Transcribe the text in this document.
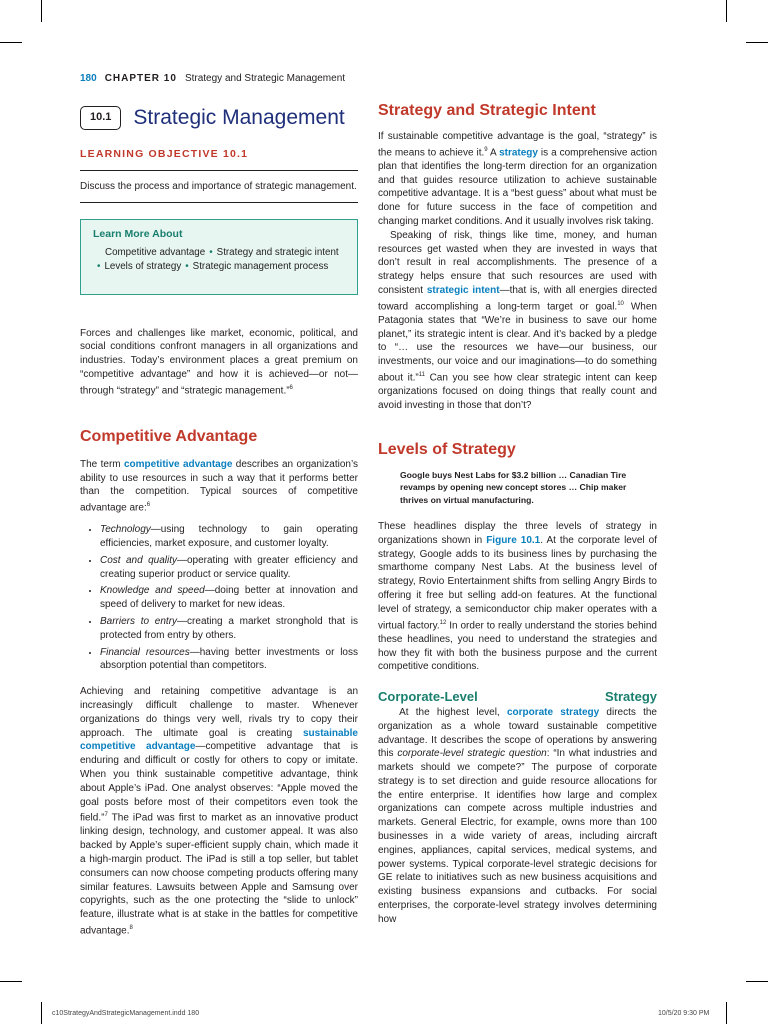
180 CHAPTER 10 Strategy and Strategic Management
10.1	Strategic Management
LEARNING OBJECTIVE 10.1
Discuss the process and importance of strategic management.
Learn More About
Competitive advantage • Strategy and strategic intent
• Levels of strategy • Strategic management process

Forces and challenges like market, economic, political, and social conditions confront managers in all organizations and industries. Today’s environment places a great premium on “competitive advantage” and how it is achieved—or not—through “strategy” and “strategic management.”$^6$

Competitive Advantage

The term competitive advantage describes an organization’s ability to use resources in such a way that it performs better than the competition. Typical sources of competitive advantage are:$^6$

• Technology—using technology to gain operating efficiencies, market exposure, and customer loyalty.
• Cost and quality—operating with greater efficiency and creating superior product or service quality.
• Knowledge and speed—doing better at innovation and speed of delivery to market for new ideas.
• Barriers to entry—creating a market stronghold that is protected from entry by others.
• Financial resources—having better investments or loss absorption potential than competitors.

Achieving and retaining competitive advantage is an increasingly difficult challenge to master. Whenever organizations do things very well, rivals try to copy their approach. The ultimate goal is creating sustainable competitive advantage—competitive advantage that is enduring and difficult or costly for others to copy or imitate. When you think sustainable competitive advantage, think about Apple’s iPad. One analyst observes: “Apple moved the goal posts before most of their competitors even took the field.”$^7$ The iPad was first to market as an innovative product linking design, technology, and customer appeal. It was also backed by Apple’s super-efficient supply chain, which made it a high-margin product. The iPad is still a top seller, but tablet consumers can now choose competing products offering many similar features. Lawsuits between Apple and Samsung over copyrights, such as the one protecting the “slide to unlock” feature, illustrate what is at stake in the battles for competitive advantage.$^8$

Strategy and Strategic Intent

If sustainable competitive advantage is the goal, “strategy” is the means to achieve it.$^9$ A strategy is a comprehensive action plan that identifies the long-term direction for an organization and that guides resource utilization to achieve sustainable competitive advantage. It is a “best guess” about what must be done for future success in the face of competition and changing market conditions. And it usually involves risk taking.

Speaking of risk, things like time, money, and human resources get wasted when they are invested in ways that don’t result in real accomplishments. The presence of a strategy helps ensure that such resources are used with consistent strategic intent—that is, with all energies directed toward accomplishing a long-term target or goal.$^{10}$ When Patagonia states that “We’re in business to save our home planet,” its strategic intent is clear. And it’s backed by a pledge to “… use the resources we have—our business, our investments, our voice and our imaginations—to do something about it.”$^{11}$ Can you see how clear strategic intent can keep organizations focused on doing things that really count and avoid investing in those that don’t?

Levels of Strategy
Google buys Nest Labs for $3.2 billion … Canadian Tire revamps by opening new concept stores … Chip maker thrives on virtual manufacturing.

These headlines display the three levels of strategy in organizations shown in Figure 10.1. At the corporate level of strategy, Google adds to its business lines by purchasing the smarthome company Nest Labs. At the business level of strategy, Rovio Entertainment shifts from selling Angry Birds to offering it free but selling add-on features. At the functional level of strategy, a semiconductor chip maker operates with a virtual factory.$^{12}$ In order to really understand the stories behind these headlines, you need to understand the strategies and how they fit with both the business purpose and the current competitive conditions.

Corporate-Level Strategy   At the highest level, corporate strategy directs the organization as a whole toward sustainable competitive advantage. It describes the scope of operations by answering this corporate-level strategic question: “In what industries and markets should we compete?” The purpose of corporate strategy is to set direction and guide resource allocations for the entire enterprise. It identifies how large and complex organizations can compete across multiple industries and markets. General Electric, for example, owns more than 100 businesses in a wide variety of areas, including aircraft engines, appliances, capital services, medical systems, and power systems. Typical corporate-level strategic decisions for GE relate to initiatives such as new business acquisitions and existing business expansions and cutbacks. For social enterprises, the corporate-level strategy involves determining how

c10StrategyAndStrategicManagement.indd 180	10/5/20 9:30 PM
